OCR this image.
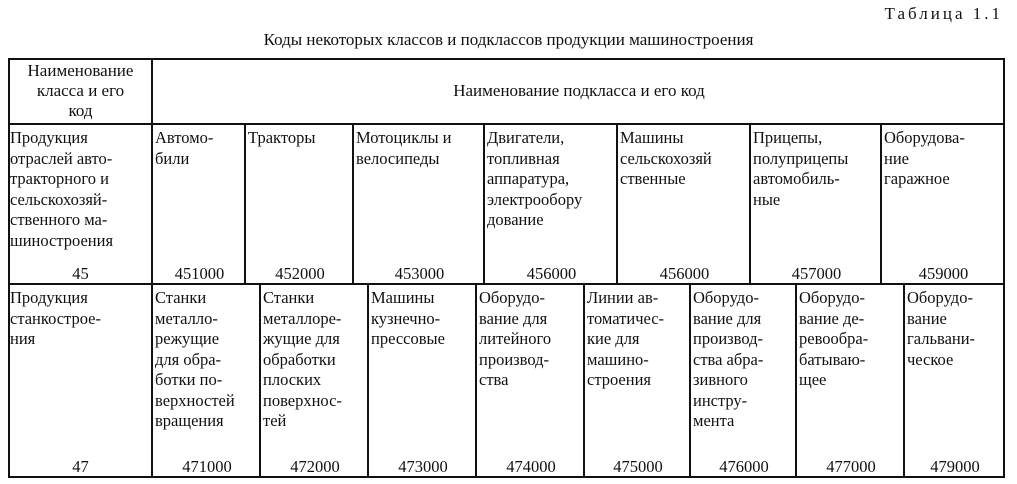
Таблица 1.1
Коды некоторых классов и подклассов продукции машиностроения
Наименование
класса и его
код
Наименование подкласса и его код
Продукция
отраслей авто-
тракторного и
сельскохозяй-
ственного ма-
шиностроения
45
Автомо-
били
451000
Тракторы
452000
Мотоциклы и
велосипеды
453000
Двигатели,
топливная
аппаратура,
электрообору
дование
456000
Машины
сельскохозяй
ственные
456000
Прицепы,
полуприцепы
автомобиль-
ные
457000
Оборудова-
ние
гаражное
459000
Продукция
станкострое-
ния
47
Станки
металло-
режущие
для обра-
ботки по-
верхностей
вращения
471000
Станки
металлоре-
жущие для
обработки
плоских
поверхнос-
тей
472000
Машины
кузнечно-
прессовые
473000
Оборудо-
вание для
литейного
производ-
ства
474000
Линии ав-
томатичес-
кие для
машино-
строения
475000
Оборудо-
вание для
производ-
ства абра-
зивного
инстру-
мента
476000
Оборудо-
вание де-
ревообра-
батываю-
щее
477000
Оборудо-
вание
гальвани-
ческое
479000
